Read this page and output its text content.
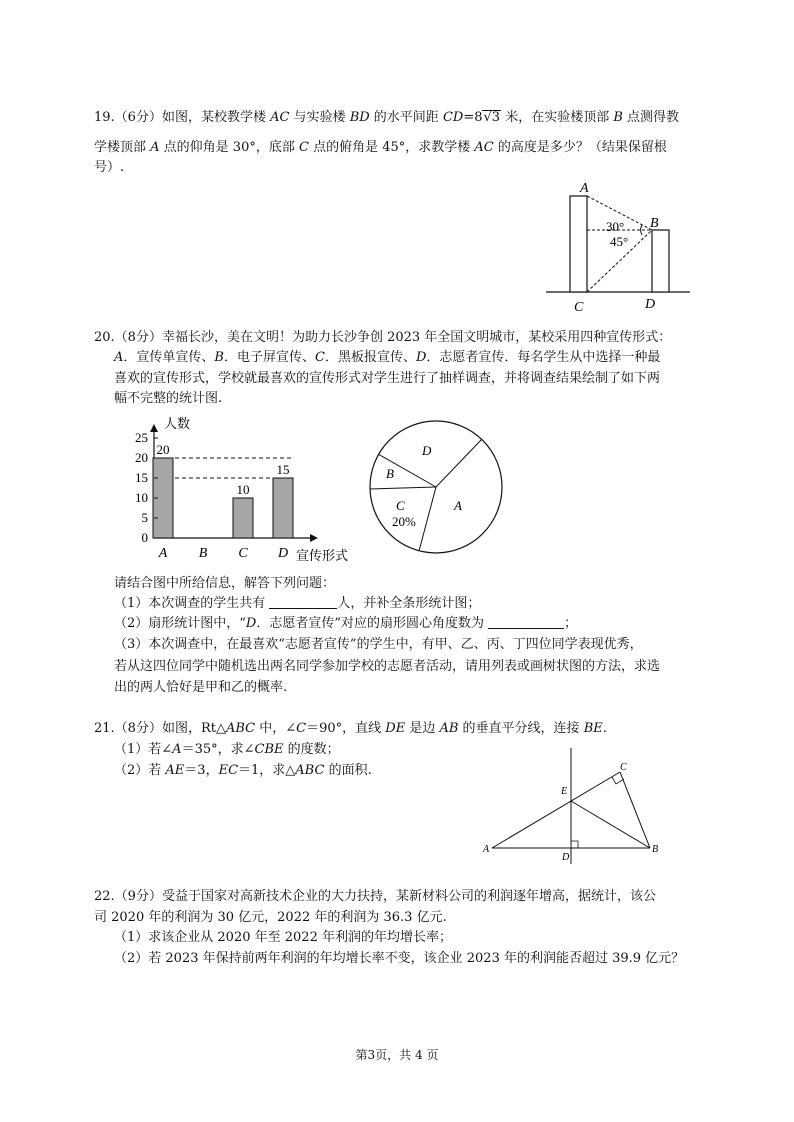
19.（6分）如图，某校教学楼 AC 与实验楼 BD 的水平间距 CD=8√3 米，在实验楼顶部 B 点测得教
学楼顶部 A 点的仰角是 30°，底部 C 点的俯角是 45°，求教学楼 AC 的高度是多少？（结果保留根
号）.
A
B
C	D
30°
45°
20.（8分）幸福长沙，美在文明！为助力长沙争创 2023 年全国文明城市，某校采用四种宣传形式：
A．宣传单宣传、B．电子屏宣传、C．黑板报宣传、D．志愿者宣传．每名学生从中选择一种最
喜欢的宣传形式，学校就最喜欢的宣传形式对学生进行了抽样调查，并将调查结果绘制了如下两
幅不完整的统计图.
0
5
10
15
20
25
A B C D
20
10
15
人数
宣传形式
D
B
C
20%
A
请结合图中所给信息，解答下列问题：
（1）本次调查的学生共有	人，并补全条形统计图；
（2）扇形统计图中，“D．志愿者宣传”对应的扇形圆心角度数为	；
（3）本次调查中，在最喜欢“志愿者宣传”的学生中，有甲、乙、丙、丁四位同学表现优秀，
若从这四位同学中随机选出两名同学参加学校的志愿者活动，请用列表或画树状图的方法，求选
出的两人恰好是甲和乙的概率.
21.（8分）如图，Rt△ABC 中，∠C＝90°，直线 DE 是边 AB 的垂直平分线，连接 BE.
（1）若∠A＝35°，求∠CBE 的度数；
（2）若 AE＝3，EC＝1，求△ABC 的面积.
A	B
C
D
E
22.（9分）受益于国家对高新技术企业的大力扶持，某新材料公司的利润逐年增高，据统计，该公
司 2020 年的利润为 30 亿元，2022 年的利润为 36.3 亿元.
（1）求该企业从 2020 年至 2022 年利润的年均增长率；
（2）若 2023 年保持前两年利润的年均增长率不变，该企业 2023 年的利润能否超过 39.9 亿元？
第3页，共 4 页
